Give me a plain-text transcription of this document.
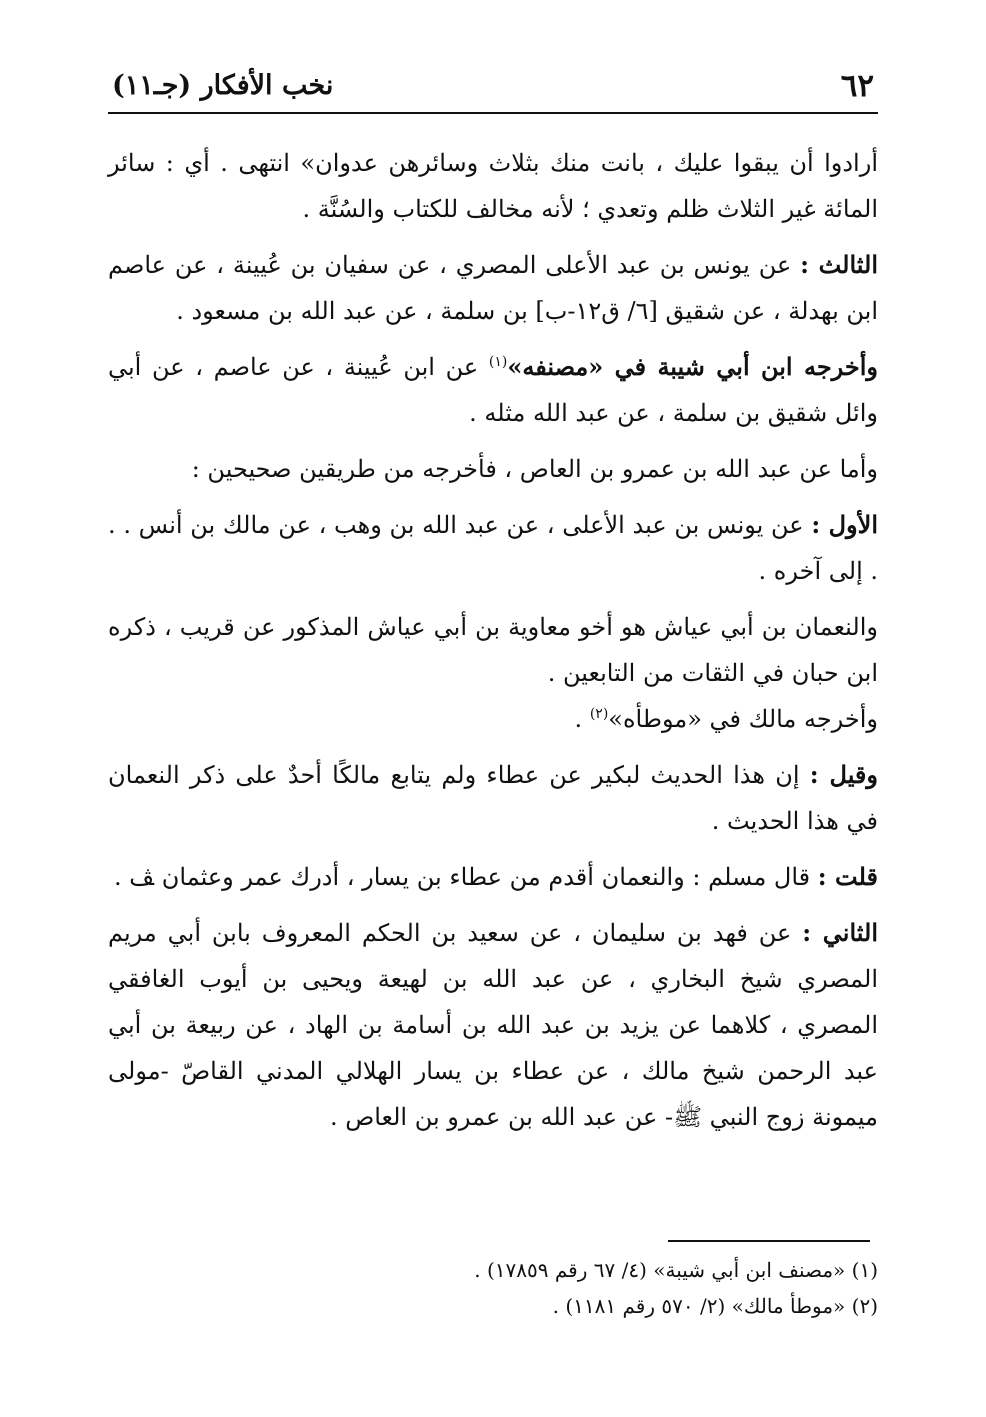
٦٢
نخب الأفكار (جـ١١)

أرادوا أن يبقوا عليك ، بانت منك بثلاث وسائرهن عدوان» انتهى . أي : سائر المائة غير الثلاث ظلم وتعدي ؛ لأنه مخالف للكتاب والسُنَّة .

الثالث : عن يونس بن عبد الأعلى المصري ، عن سفيان بن عُيينة ، عن عاصم ابن بهدلة ، عن شقيق [٦/ ق١٢-ب] بن سلمة ، عن عبد الله بن مسعود .

وأخرجه ابن أبي شيبة في «مصنفه»$^{(١)}$ عن ابن عُيينة ، عن عاصم ، عن أبي وائل شقيق بن سلمة ، عن عبد الله مثله .

وأما عن عبد الله بن عمرو بن العاص ، فأخرجه من طريقين صحيحين :

الأول : عن يونس بن عبد الأعلى ، عن عبد الله بن وهب ، عن مالك بن أنس . . . إلى آخره .

والنعمان بن أبي عياش هو أخو معاوية بن أبي عياش المذكور عن قريب ، ذكره ابن حبان في الثقات من التابعين .

وأخرجه مالك في «موطأه»$^{(٢)}$ .

وقيل : إن هذا الحديث لبكير عن عطاء ولم يتابع مالكًا أحدٌ على ذكر النعمان في هذا الحديث .

قلت : قال مسلم : والنعمان أقدم من عطاء بن يسار ، أدرك عمر وعثمان ﭫ .

الثاني : عن فهد بن سليمان ، عن سعيد بن الحكم المعروف بابن أبي مريم المصري شيخ البخاري ، عن عبد الله بن لهيعة ويحيى بن أيوب الغافقي المصري ، كلاهما عن يزيد بن عبد الله بن أسامة بن الهاد ، عن ربيعة بن أبي عبد الرحمن شيخ مالك ، عن عطاء بن يسار الهلالي المدني القاصّ -مولى ميمونة زوج النبي ﷺ- عن عبد الله بن عمرو بن العاص .

(١) «مصنف ابن أبي شيبة» (٤/ ٦٧ رقم ١٧٨٥٩) .

(٢) «موطأ مالك» (٢/ ٥٧٠ رقم ١١٨١) .
